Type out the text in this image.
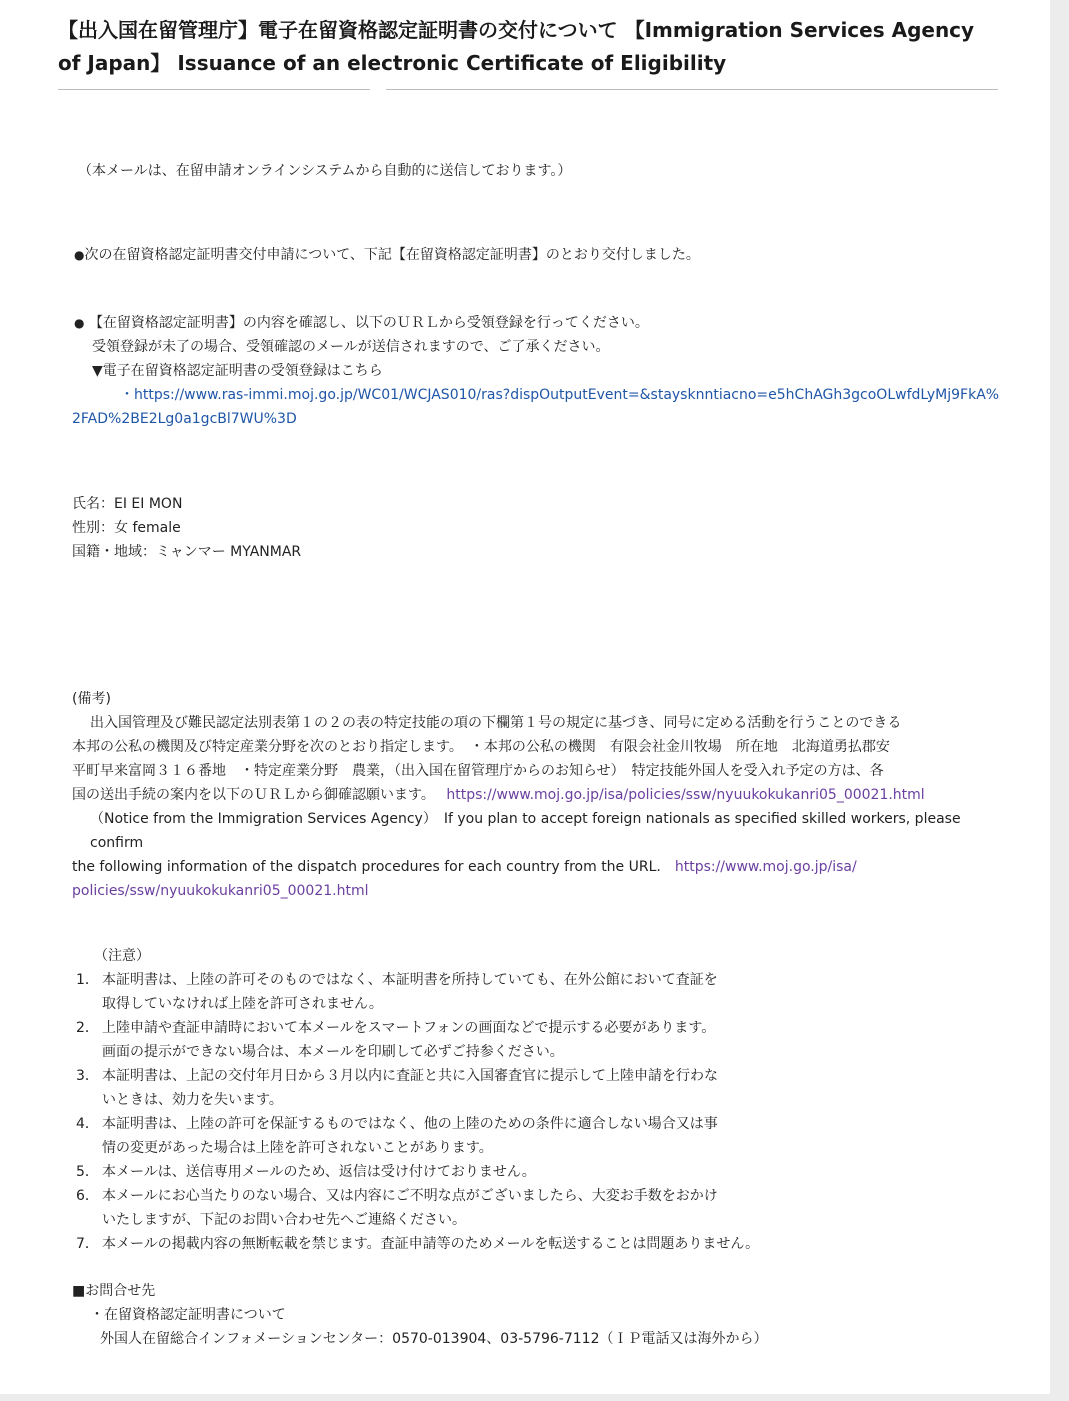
【出入国在留管理庁】電子在留資格認定証明書の交付について 【Immigration Services Agency
of Japan】 Issuance of an electronic Certificate of Eligibility
（本メールは、在留申請オンラインシステムから自動的に送信しております。）
●次の在留資格認定証明書交付申請について、下記【在留資格認定証明書】のとおり交付しました。
● 【在留資格認定証明書】の内容を確認し、以下のＵＲＬから受領登録を行ってください。
受領登録が未了の場合、受領確認のメールが送信されますので、ご了承ください。
▼電子在留資格認定証明書の受領登録はこちら
・https://www.ras-immi.moj.go.jp/WC01/WCJAS010/ras?dispOutputEvent=&staysknntiacno=e5hChAGh3gcoOLwfdLyMj9FkA%
2FAD%2BE2Lg0a1gcBl7WU%3D
氏名：EI EI MON
性別：女 female
国籍・地域：ミャンマー MYANMAR

(備考)

出入国管理及び難民認定法別表第１の２の表の特定技能の項の下欄第１号の規定に基づき、同号に定める活動を行うことのできる

本邦の公私の機関及び特定産業分野を次のとおり指定します。　・本邦の公私の機関　有限会社金川牧場　所在地　北海道勇払郡安

平町早来富岡３１６番地　・特定産業分野　農業，（出入国在留管理庁からのお知らせ）　特定技能外国人を受入れ予定の方は、各

国の送出手続の案内を以下のＵＲＬから御確認願います。　 https://www.moj.go.jp/isa/policies/ssw/nyuukokukanri05_00021.html

（Notice from the Immigration Services Agency）　If you plan to accept foreign nationals as specified skilled workers, please confirm

the following information of the dispatch procedures for each country from the URL.　 https://www.moj.go.jp/isa/

policies/ssw/nyuukokukanri05_00021.html

（注意）
1． 本証明書は、上陸の許可そのものではなく、本証明書を所持していても、在外公館において査証を
取得していなければ上陸を許可されません。
2． 上陸申請や査証申請時において本メールをスマートフォンの画面などで提示する必要があります。
画面の提示ができない場合は、本メールを印刷して必ずご持参ください。
3． 本証明書は、上記の交付年月日から３月以内に査証と共に入国審査官に提示して上陸申請を行わな
いときは、効力を失います。
4． 本証明書は、上陸の許可を保証するものではなく、他の上陸のための条件に適合しない場合又は事
情の変更があった場合は上陸を許可されないことがあります。
5． 本メールは、送信専用メールのため、返信は受け付けておりません。
6． 本メールにお心当たりのない場合、又は内容にご不明な点がございましたら、大変お手数をおかけ
いたしますが、下記のお問い合わせ先へご連絡ください。
7． 本メールの掲載内容の無断転載を禁じます。査証申請等のためメールを転送することは問題ありません。
■お問合せ先
・在留資格認定証明書について
外国人在留総合インフォメーションセンター：0570-013904、03-5796-7112（ＩＰ電話又は海外から）
